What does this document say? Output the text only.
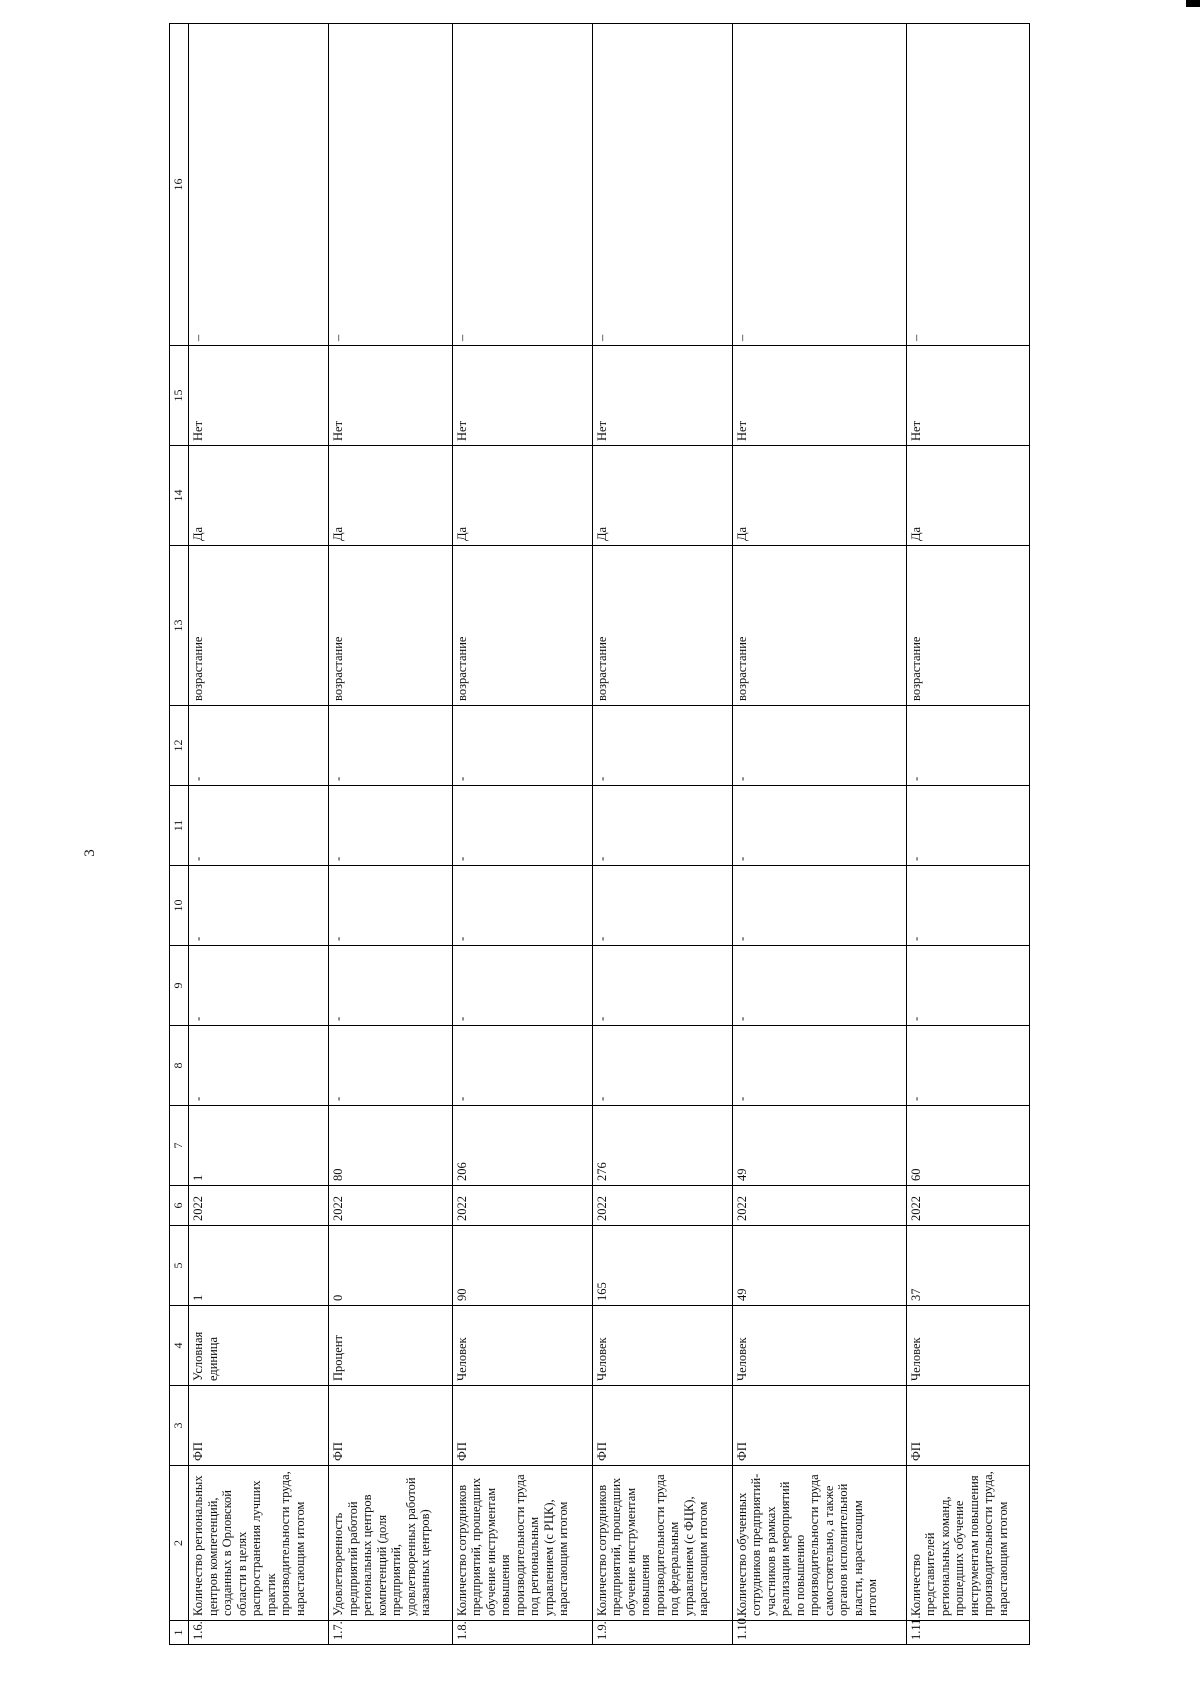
3
1	2	3	4	5	6	7	8	9	10	11	12	13	14	15	16
1.6.	Количество региональных центров компетенций, созданных в Орловской области в целях распространения лучших практик производительности труда, нарастающим итогом	ФП	Условная единица	1	2022	1	-	-	-	-	-	возрастание	Да	Нет	–
1.7.	Удовлетворенность предприятий работой региональных центров компетенций (доля предприятий, удовлетворенных работой названных центров)	ФП	Процент	0	2022	80	-	-	-	-	-	возрастание	Да	Нет	–
1.8.	Количество сотрудников предприятий, прошедших обучение инструментам повышения производительности труда под региональным управлением (с РЦК), нарастающим итогом	ФП	Человек	90	2022	206	-	-	-	-	-	возрастание	Да	Нет	–
1.9.	Количество сотрудников предприятий, прошедших обучение инструментам повышения производительности труда под федеральным управлением (с ФЦК), нарастающим итогом	ФП	Человек	165	2022	276	-	-	-	-	-	возрастание	Да	Нет	–
1.10.	Количество обученных сотрудников предприятий-участников в рамках реализации мероприятий по повышению производительности труда самостоятельно, а также органов исполнительной власти, нарастающим итогом	ФП	Человек	49	2022	49	-	-	-	-	-	возрастание	Да	Нет	–
1.11.	Количество представителей региональных команд, прошедших обучение инструментам повышения производительности труда, нарастающим итогом	ФП	Человек	37	2022	60	-	-	-	-	-	возрастание	Да	Нет	–
